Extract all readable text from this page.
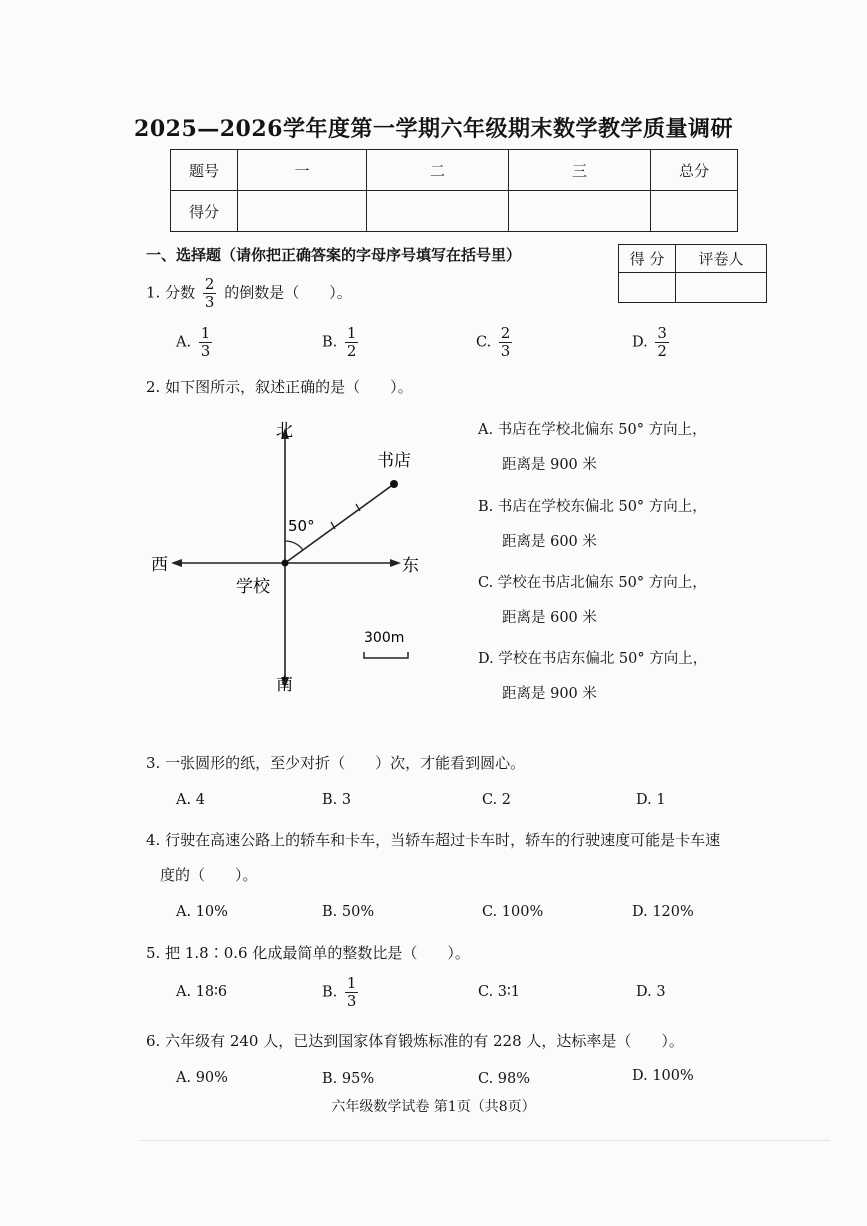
2025—2026学年度第一学期六年级期末数学教学质量调研
题号	一	二	三	总分
得分				
得 分	评卷人

一、选择题（请你把正确答案的字母序号填写在括号里）
1. 分数 $\frac{2}{3}$ 的倒数是（　　）。
A. $\frac{1}{3}$	B. $\frac{1}{2}$	C. $\frac{2}{3}$	D. $\frac{3}{2}$
2. 如下图所示，叙述正确的是（　　）。
北
南
西	东
学校
书店
50°
300m
A. 书店在学校北偏东 50° 方向上，
距离是 900 米
B. 书店在学校东偏北 50° 方向上，
距离是 600 米
C. 学校在书店北偏东 50° 方向上，
距离是 600 米
D. 学校在书店东偏北 50° 方向上，
距离是 900 米
3. 一张圆形的纸，至少对折（　　）次，才能看到圆心。
A. 4	B. 3	C. 2	D. 1
4. 行驶在高速公路上的轿车和卡车，当轿车超过卡车时，轿车的行驶速度可能是卡车速
度的（　　）。
A. 10%	B. 50%	C. 100%	D. 120%
5. 把 1.8∶0.6 化成最简单的整数比是（　　）。
A. 18∶6	B. $\frac{1}{3}$	C. 3∶1	D. 3
6. 六年级有 240 人，已达到国家体育锻炼标准的有 228 人，达标率是（　　）。
A. 90%	B. 95%	C. 98%	D. 100%
六年级数学试卷 第1页（共8页）
